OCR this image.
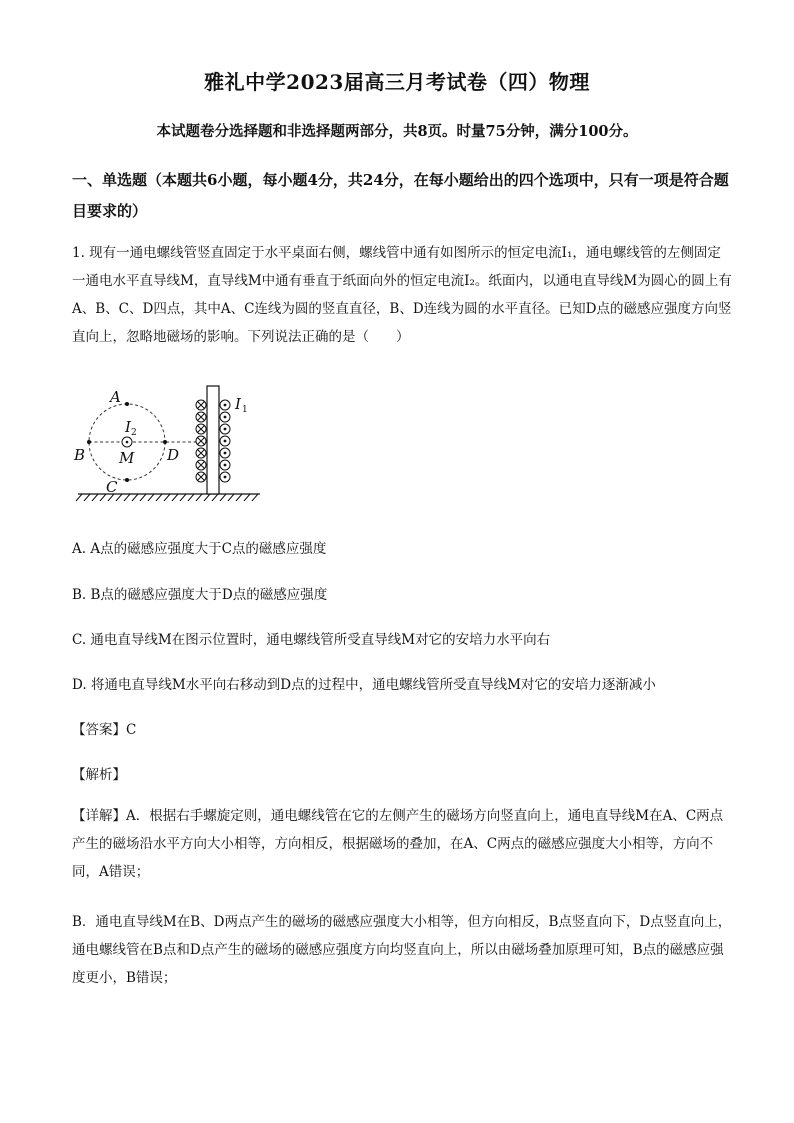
雅礼中学2023届高三月考试卷（四）物理
本试题卷分选择题和非选择题两部分，共8页。时量75分钟，满分100分。
一、单选题（本题共6小题，每小题4分，共24分，在每小题给出的四个选项中，只有一项是符合题目要求的）
1. 现有一通电螺线管竖直固定于水平桌面右侧，螺线管中通有如图所示的恒定电流I₁，通电螺线管的左侧固定一通电水平直导线M，直导线M中通有垂直于纸面向外的恒定电流I₂。纸面内，以通电直导线M为圆心的圆上有A、B、C、D四点，其中A、C连线为圆的竖直直径，B、D连线为圆的水平直径。已知D点的磁感应强度方向竖直向上，忽略地磁场的影响。下列说法正确的是（　　）
A
B
C
D
M
I 2
I 1
A. A点的磁感应强度大于C点的磁感应强度
B. B点的磁感应强度大于D点的磁感应强度
C. 通电直导线M在图示位置时，通电螺线管所受直导线M对它的安培力水平向右
D. 将通电直导线M水平向右移动到D点的过程中，通电螺线管所受直导线M对它的安培力逐渐减小
【答案】C
【解析】
【详解】A．根据右手螺旋定则，通电螺线管在它的左侧产生的磁场方向竖直向上，通电直导线M在A、C两点产生的磁场沿水平方向大小相等，方向相反，根据磁场的叠加，在A、C两点的磁感应强度大小相等，方向不同，A错误；
B．通电直导线M在B、D两点产生的磁场的磁感应强度大小相等，但方向相反，B点竖直向下，D点竖直向上，通电螺线管在B点和D点产生的磁场的磁感应强度方向均竖直向上，所以由磁场叠加原理可知，B点的磁感应强度更小，B错误；
